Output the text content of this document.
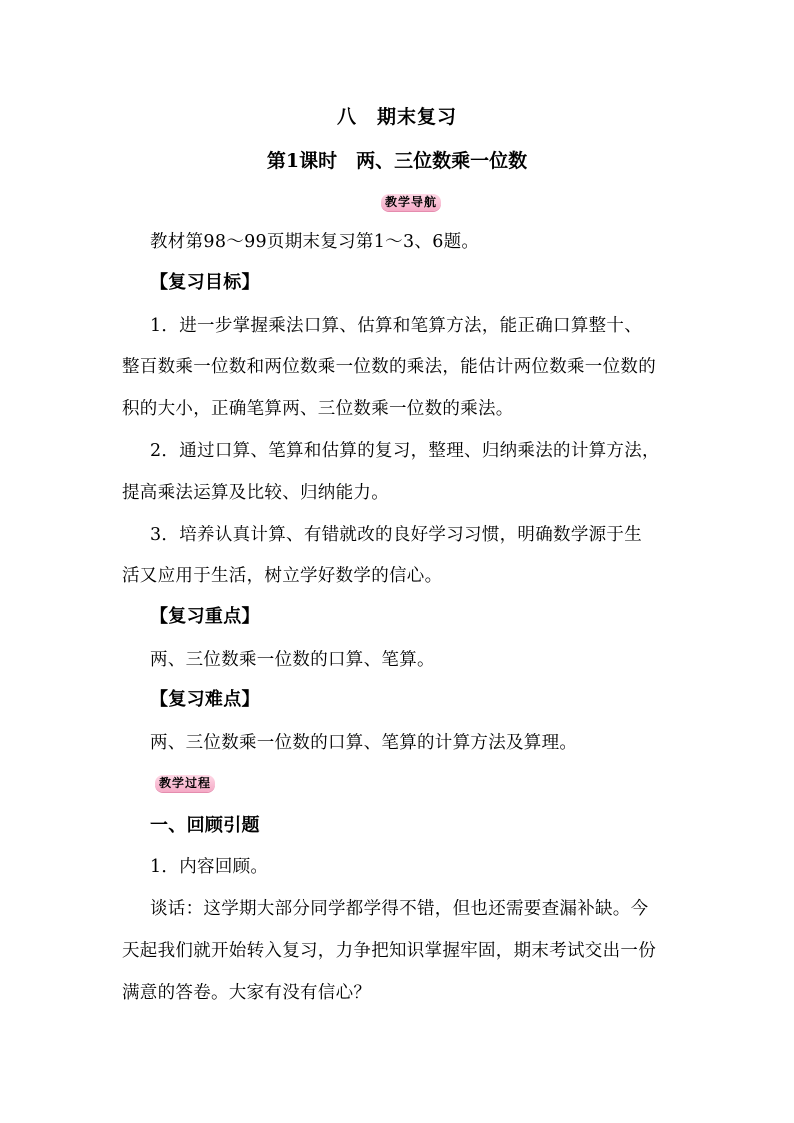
八　期末复习
第1课时　两、三位数乘一位数
教学导航
教材第98～99页期末复习第1～3、6题。
【复习目标】
1．进一步掌握乘法口算、估算和笔算方法，能正确口算整十、
整百数乘一位数和两位数乘一位数的乘法，能估计两位数乘一位数的
积的大小，正确笔算两、三位数乘一位数的乘法。
2．通过口算、笔算和估算的复习，整理、归纳乘法的计算方法，
提高乘法运算及比较、归纳能力。
3．培养认真计算、有错就改的良好学习习惯，明确数学源于生
活又应用于生活，树立学好数学的信心。
【复习重点】
两、三位数乘一位数的口算、笔算。
【复习难点】
两、三位数乘一位数的口算、笔算的计算方法及算理。
教学过程
一、回顾引题
1．内容回顾。
谈话：这学期大部分同学都学得不错，但也还需要查漏补缺。今
天起我们就开始转入复习，力争把知识掌握牢固，期末考试交出一份
满意的答卷。大家有没有信心？
